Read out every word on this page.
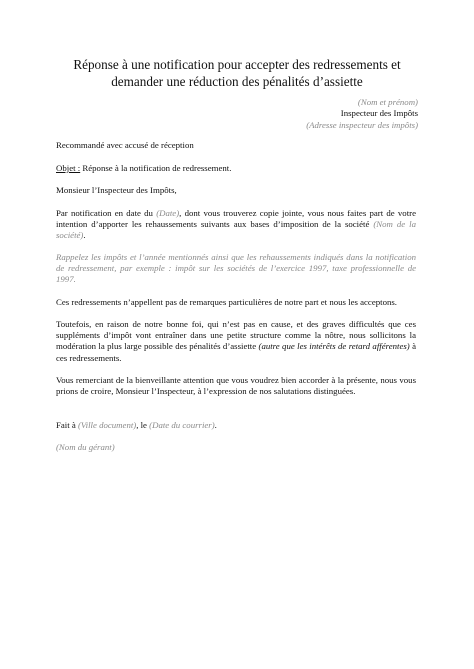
Réponse à une notification pour accepter des redressements et
demander une réduction des pénalités d’assiette
(Nom et prénom)
Inspecteur des Impôts
(Adresse inspecteur des impôts)

Recommandé avec accusé de réception

Objet : Réponse à la notification de redressement.

Monsieur l’Inspecteur des Impôts,

Par notification en date du (Date), dont vous trouverez copie jointe, vous nous faites part de votre intention d’apporter les rehaussements suivants aux bases d’imposition de la société (Nom de la société).

Rappelez les impôts et l’année mentionnés ainsi que les rehaussements indiqués dans la notification de redressement, par exemple : impôt sur les sociétés de l’exercice 1997, taxe professionnelle de 1997.

Ces redressements n’appellent pas de remarques particulières de notre part et nous les acceptons.

Toutefois, en raison de notre bonne foi, qui n’est pas en cause, et des graves difficultés que ces suppléments d’impôt vont entraîner dans une petite structure comme la nôtre, nous sollicitons la modération la plus large possible des pénalités d’assiette (autre que les intérêts de retard afférentes) à ces redressements.

Vous remerciant de la bienveillante attention que vous voudrez bien accorder à la présente, nous vous prions de croire, Monsieur l’Inspecteur, à l’expression de nos salutations distinguées.

Fait à (Ville document), le (Date du courrier).

(Nom du gérant)
